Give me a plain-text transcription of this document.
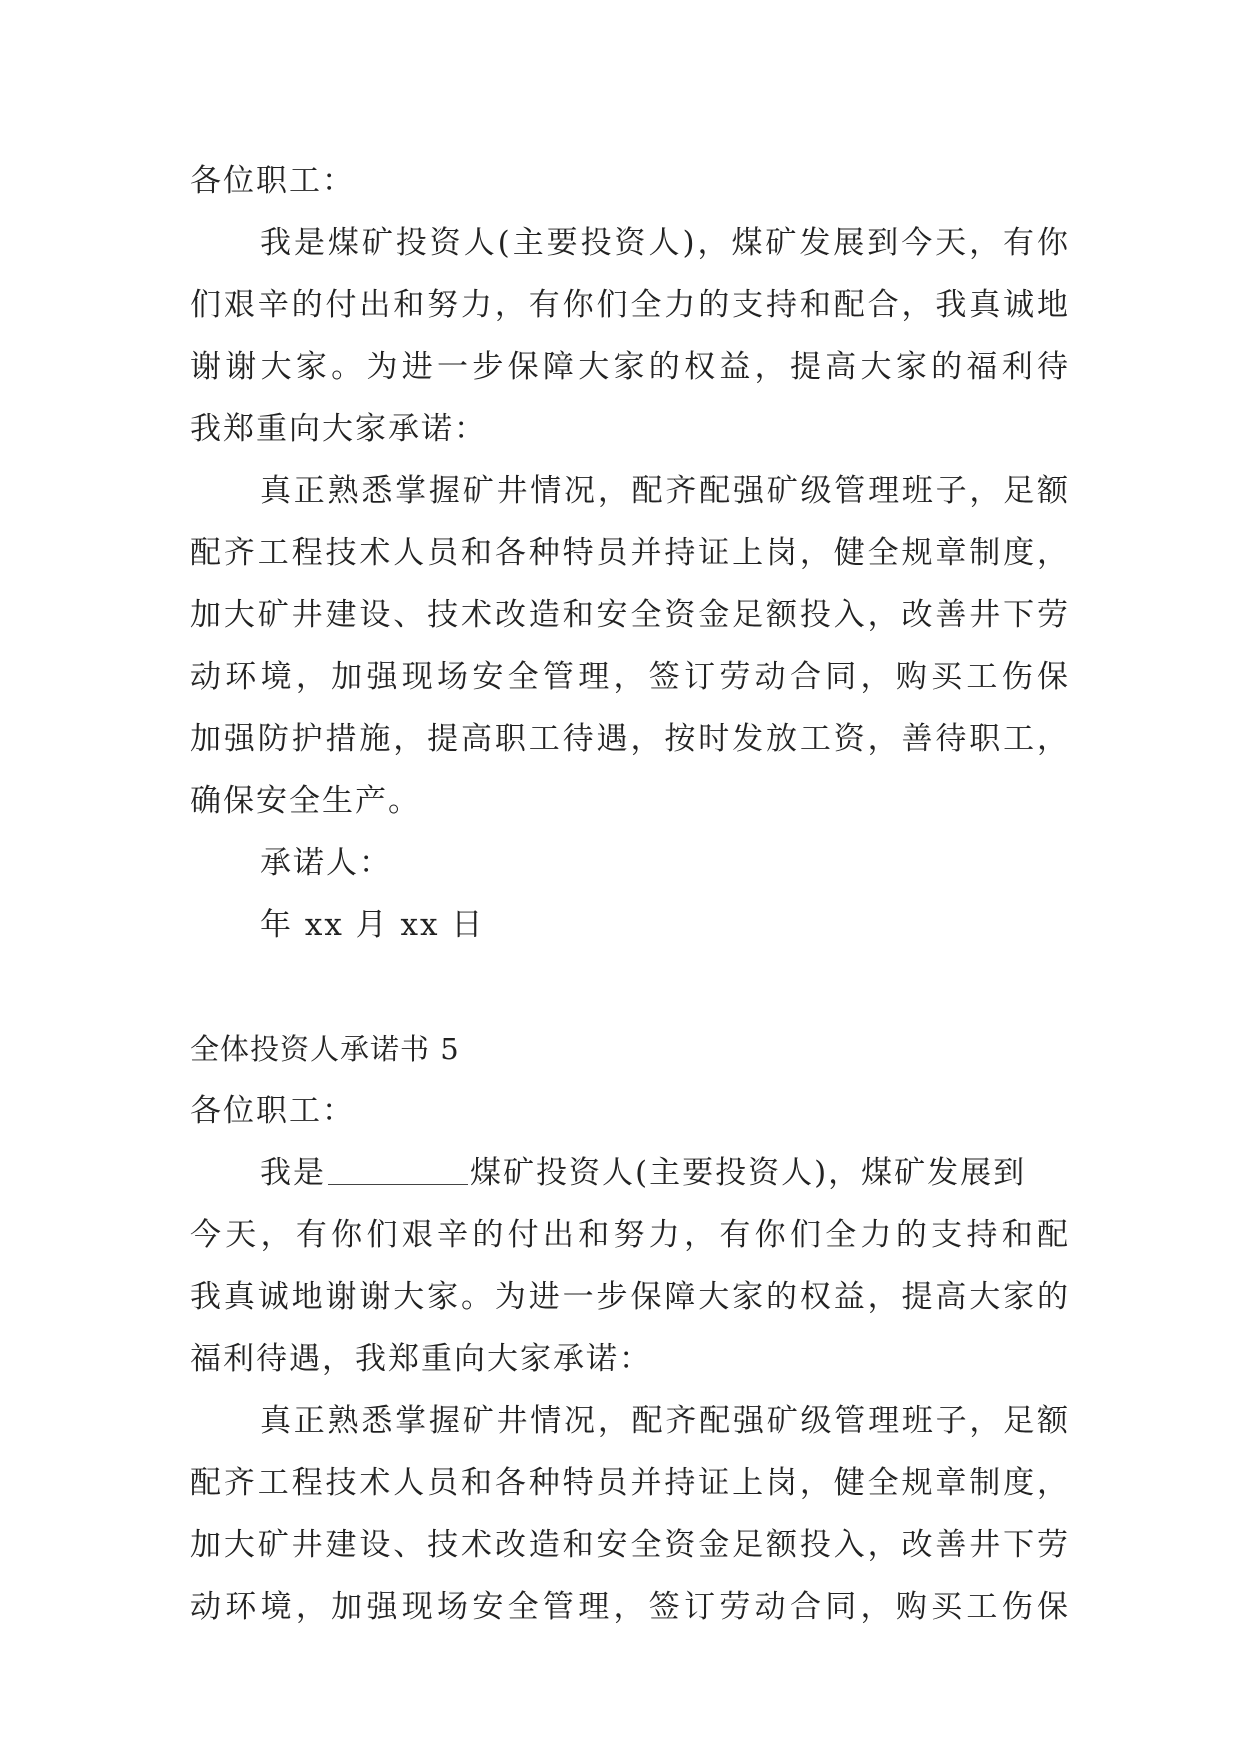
各位职工：
我是煤矿投资人(主要投资人)，煤矿发展到今天，有你
们艰辛的付出和努力，有你们全力的支持和配合，我真诚地
谢谢大家。为进一步保障大家的权益，提高大家的福利待
我郑重向大家承诺：
真正熟悉掌握矿井情况，配齐配强矿级管理班子，足额
配齐工程技术人员和各种特员并持证上岗，健全规章制度，
加大矿井建设、技术改造和安全资金足额投入，改善井下劳
动环境，加强现场安全管理，签订劳动合同，购买工伤保
加强防护措施，提高职工待遇，按时发放工资，善待职工，
确保安全生产。
承诺人：
年 xx 月 xx 日
全体投资人承诺书 5
各位职工：
我是	煤矿投资人(主要投资人)，煤矿发展到
今天，有你们艰辛的付出和努力，有你们全力的支持和配
我真诚地谢谢大家。为进一步保障大家的权益，提高大家的
福利待遇，我郑重向大家承诺：
真正熟悉掌握矿井情况，配齐配强矿级管理班子，足额
配齐工程技术人员和各种特员并持证上岗，健全规章制度，
加大矿井建设、技术改造和安全资金足额投入，改善井下劳
动环境，加强现场安全管理，签订劳动合同，购买工伤保
